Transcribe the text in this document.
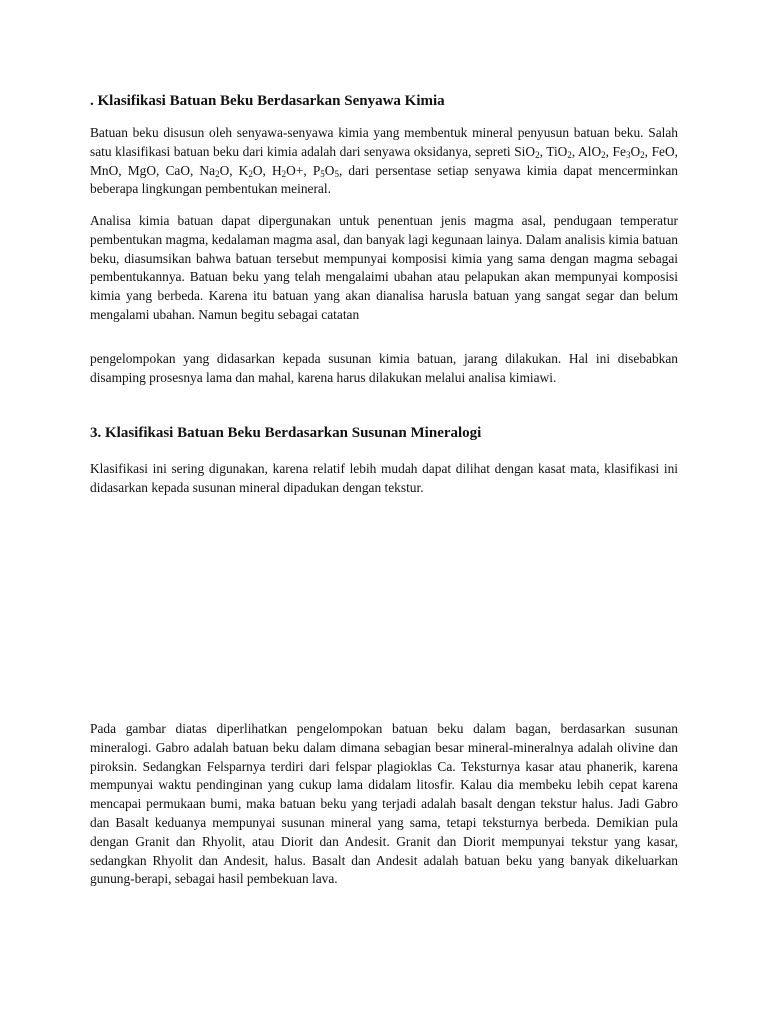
. Klasifikasi Batuan Beku Berdasarkan Senyawa Kimia

Batuan beku disusun oleh senyawa-senyawa kimia yang membentuk mineral penyusun batuan beku. Salah satu klasifikasi batuan beku dari kimia adalah dari senyawa oksidanya, sepreti SiO$_2$, TiO$_2$, AlO$_2$, $Fe_3O_2$, FeO, MnO, MgO, CaO, $Na_2O$, $K_2O$, $H_2O+$, $P_5O_5$, dari persentase setiap senyawa kimia dapat mencerminkan beberapa lingkungan pembentukan meineral.

Analisa kimia batuan dapat dipergunakan untuk penentuan jenis magma asal, pendugaan temperatur pembentukan magma, kedalaman magma asal, dan banyak lagi kegunaan lainya. Dalam analisis kimia batuan beku, diasumsikan bahwa batuan tersebut mempunyai komposisi kimia yang sama dengan magma sebagai pembentukannya. Batuan beku yang telah mengalaimi ubahan atau pelapukan akan mempunyai komposisi kimia yang berbeda. Karena itu batuan yang akan dianalisa harusla batuan yang sangat segar dan belum mengalami ubahan. Namun begitu sebagai catatan

pengelompokan yang didasarkan kepada susunan kimia batuan, jarang dilakukan. Hal ini disebabkan disamping prosesnya lama dan mahal, karena harus dilakukan melalui analisa kimiawi.

3. Klasifikasi Batuan Beku Berdasarkan Susunan Mineralogi

Klasifikasi ini sering digunakan, karena relatif lebih mudah dapat dilihat dengan kasat mata, klasifikasi ini didasarkan kepada susunan mineral dipadukan dengan tekstur.

Pada gambar diatas diperlihatkan pengelompokan batuan beku dalam bagan, berdasarkan susunan mineralogi. Gabro adalah batuan beku dalam dimana sebagian besar mineral-mineralnya adalah olivine dan piroksin. Sedangkan Felsparnya terdiri dari felspar plagioklas Ca. Teksturnya kasar atau phanerik, karena mempunyai waktu pendinginan yang cukup lama didalam litosfir. Kalau dia membeku lebih cepat karena mencapai permukaan bumi, maka batuan beku yang terjadi adalah basalt dengan tekstur halus. Jadi Gabro dan Basalt keduanya mempunyai susunan mineral yang sama, tetapi teksturnya berbeda. Demikian pula dengan Granit dan Rhyolit, atau Diorit dan Andesit. Granit dan Diorit mempunyai tekstur yang kasar, sedangkan Rhyolit dan Andesit, halus. Basalt dan Andesit adalah batuan beku yang banyak dikeluarkan gunung-berapi, sebagai hasil pembekuan lava.
